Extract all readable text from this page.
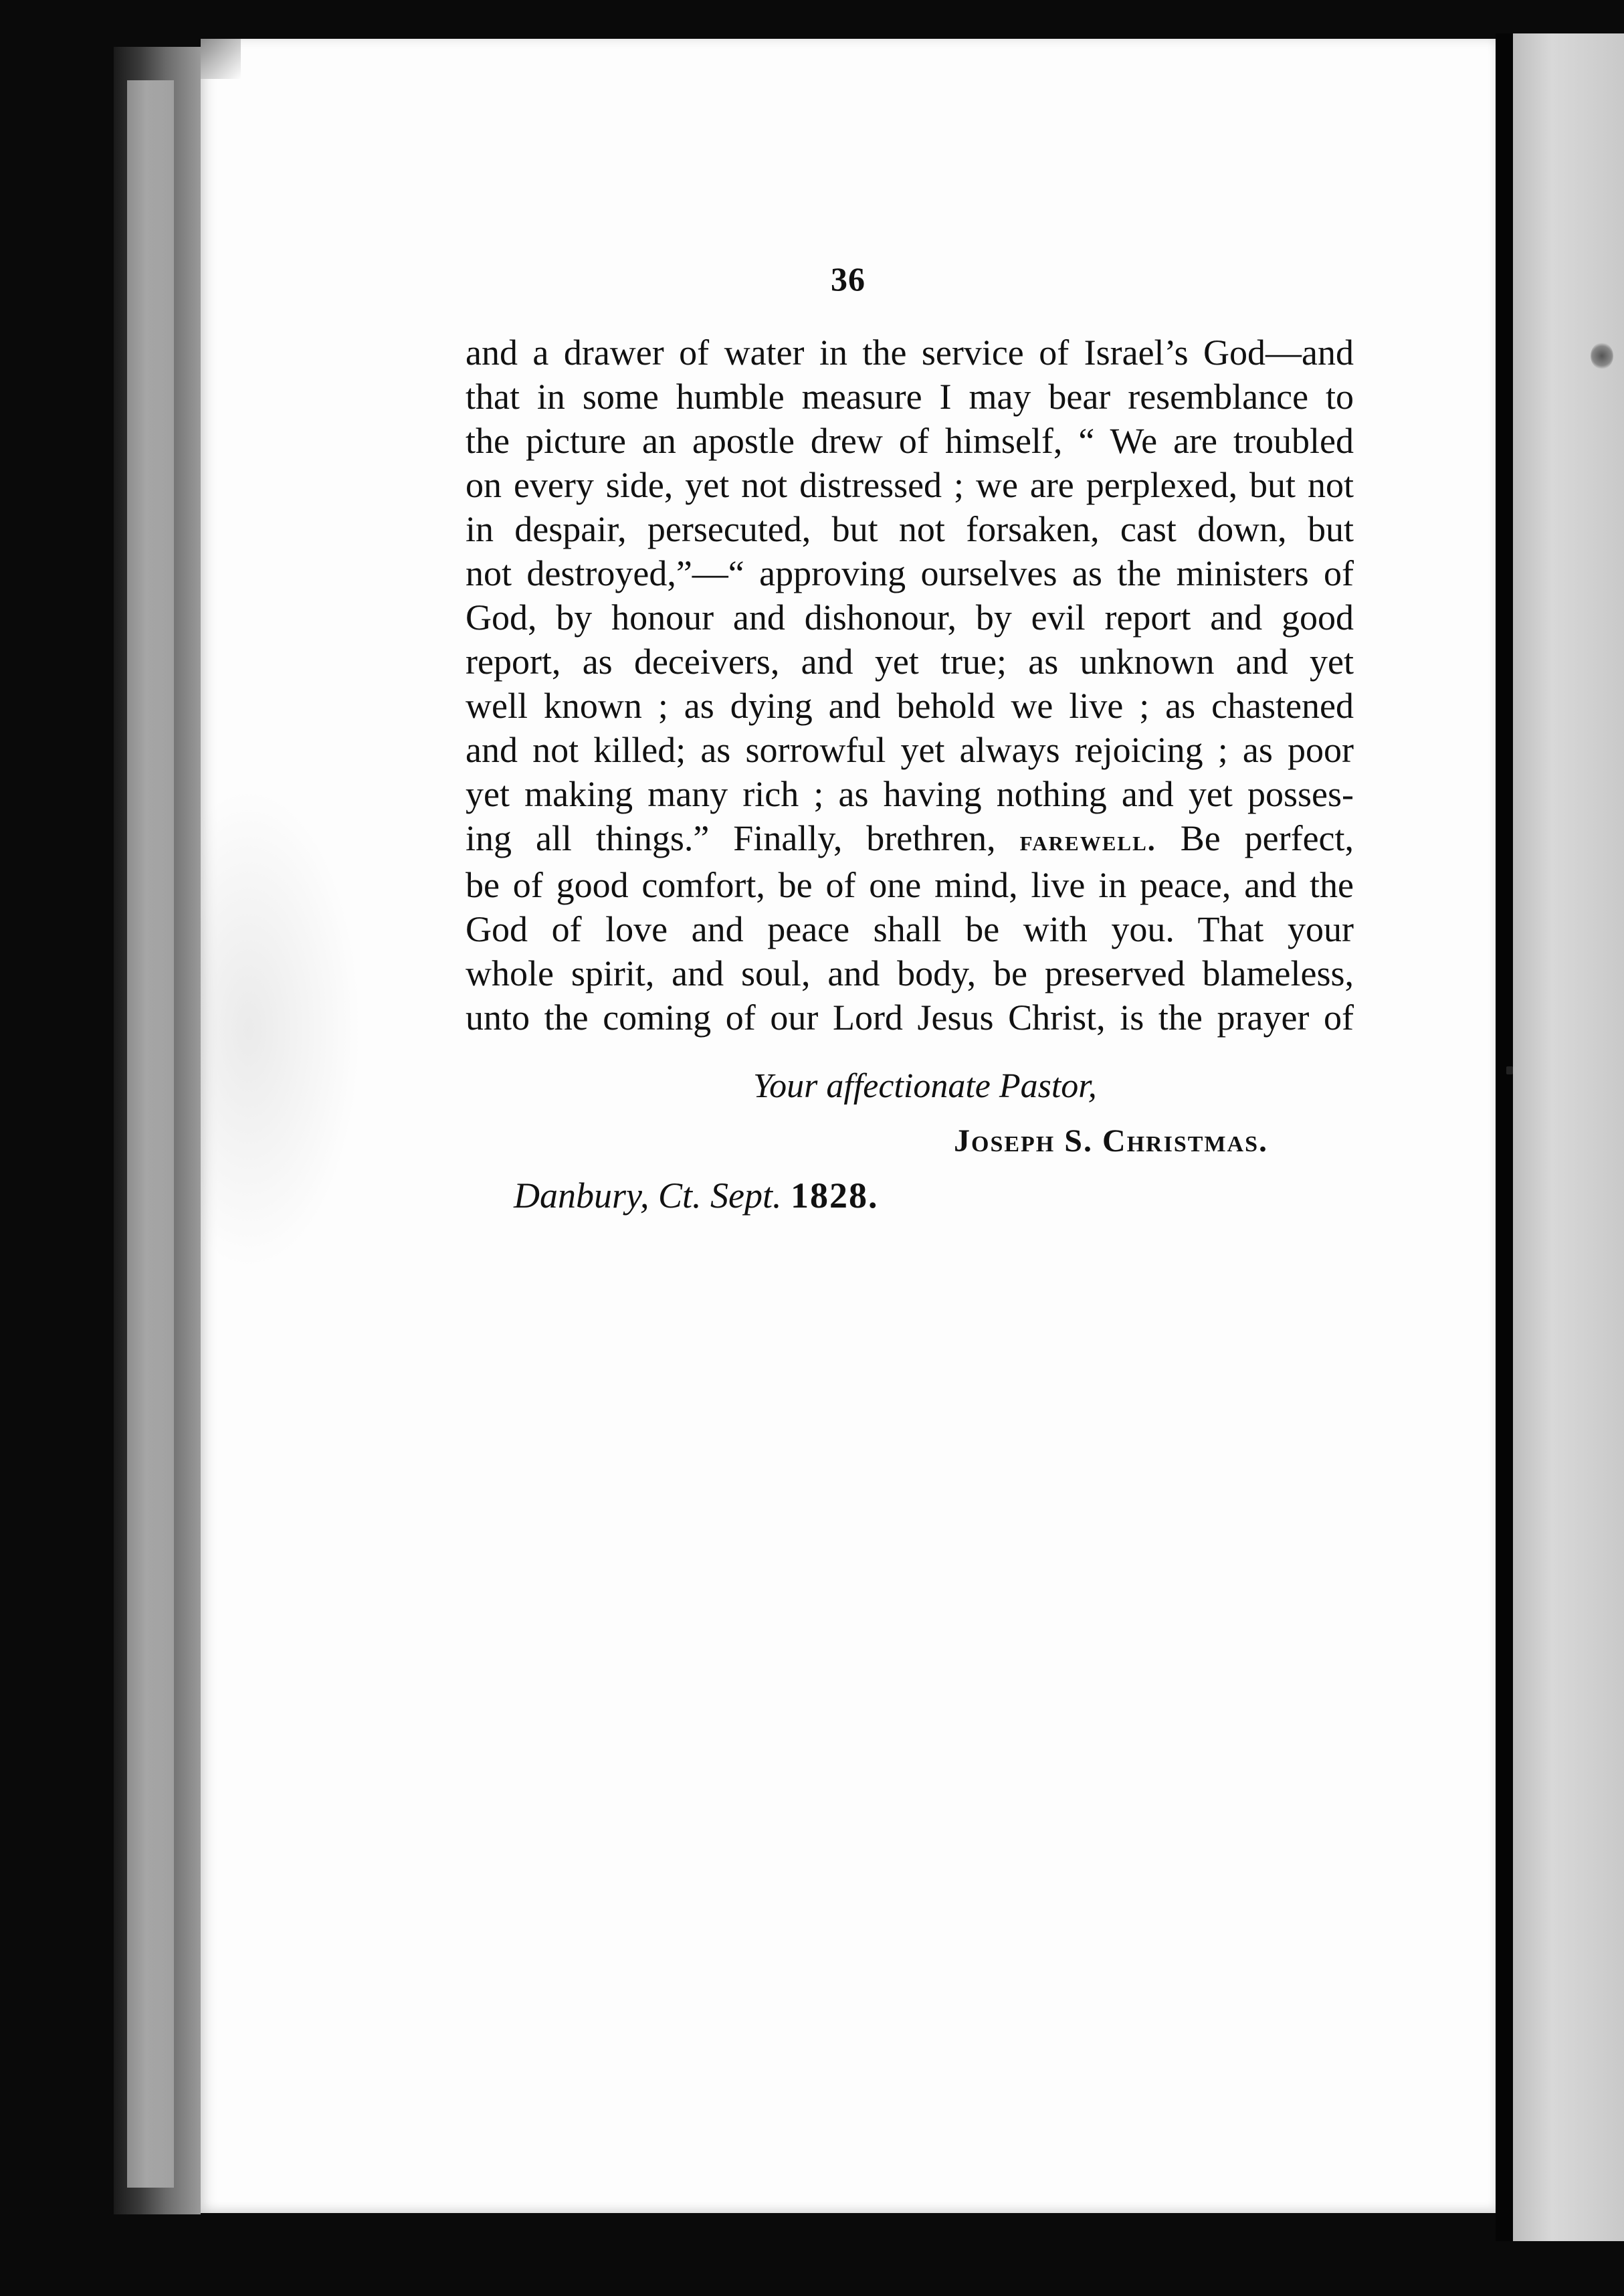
36
and a drawer of water in the service of Israel’s God—and
that in some humble measure I may bear resemblance to
the picture an apostle drew of himself, “ We are troubled
on every side, yet not distressed ; we are perplexed, but not
in despair, persecuted, but not forsaken, cast down, but
not destroyed,”—“ approving ourselves as the ministers of
God, by honour and dishonour, by evil report and good
report, as deceivers, and yet true; as unknown and yet
well known ; as dying and behold we live ; as chastened
and not killed; as sorrowful yet always rejoicing ; as poor
yet making many rich ; as having nothing and yet posses-
ing all things.” Finally, brethren, farewell. Be perfect,
be of good comfort, be of one mind, live in peace, and the
God of love and peace shall be with you. That your
whole spirit, and soul, and body, be preserved blameless,
unto the coming of our Lord Jesus Christ, is the prayer of
Your affectionate Pastor,
Joseph S. Christmas.
Danbury, Ct. Sept. 1828.
